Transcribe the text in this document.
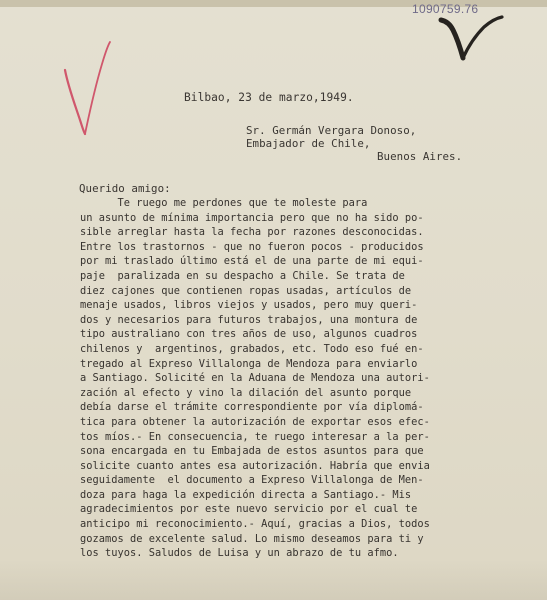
1090759.76
Bilbao, 23 de marzo,1949.
Sr. Germán Vergara Donoso,
Embajador de Chile,
Buenos Aires.
Querido amigo:
Te ruego me perdones que te moleste para
un asunto de mínima importancia pero que no ha sido po-
sible arreglar hasta la fecha por razones desconocidas.
Entre los trastornos - que no fueron pocos - producidos
por mi traslado último está el de una parte de mi equi-
paje  paralizada en su despacho a Chile. Se trata de
diez cajones que contienen ropas usadas, artículos de
menaje usados, libros viejos y usados, pero muy queri-
dos y necesarios para futuros trabajos, una montura de
tipo australiano con tres años de uso, algunos cuadros
chilenos y  argentinos, grabados, etc. Todo eso fué en-
tregado al Expreso Villalonga de Mendoza para enviarlo
a Santiago. Solicité en la Aduana de Mendoza una autori-
zación al efecto y vino la dilación del asunto porque
debía darse el trámite correspondiente por vía diplomá-
tica para obtener la autorización de exportar esos efec-
tos míos.- En consecuencia, te ruego interesar a la per-
sona encargada en tu Embajada de estos asuntos para que
solicite cuanto antes esa autorización. Habría que envia
seguidamente  el documento a Expreso Villalonga de Men-
doza para haga la expedición directa a Santiago.- Mis
agradecimientos por este nuevo servicio por el cual te
anticipo mi reconocimiento.- Aquí, gracias a Dios, todos
gozamos de excelente salud. Lo mismo deseamos para ti y
los tuyos. Saludos de Luisa y un abrazo de tu afmo.
